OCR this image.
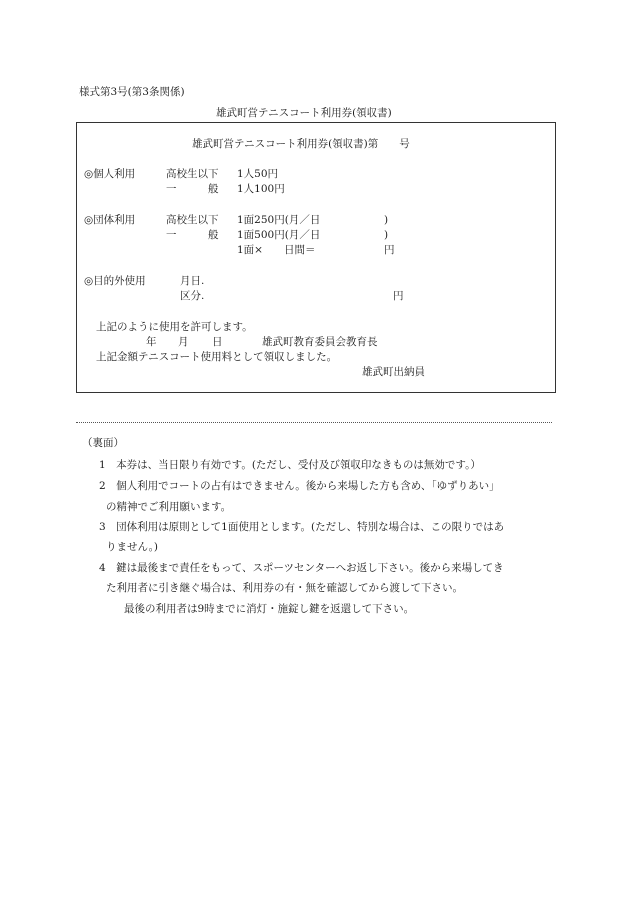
様式第3号(第3条関係)
雄武町営テニスコート利用券(領収書)
雄武町営テニスコート利用券(領収書)第　　号
◎個人利用	高校生以下 1人50円
一　　　般 1人100円
◎団体利用	高校生以下 1面250円(月／日	)
一　　　般 1面500円(月／日	)
1面×　　日間＝	円
◎目的外使用	月日.
区分.	円
上記のように使用を許可します。
年 月 日	雄武町教育委員会教育長
上記金額テニスコート使用料として領収しました。
雄武町出納員
（裏面）
1　本券は、当日限り有効です。(ただし、受付及び領収印なきものは無効です。）
2　個人利用でコートの占有はできません。後から来場した方も含め、「ゆずりあい」
の精神でご利用願います。
3　団体利用は原則として1面使用とします。(ただし、特別な場合は、この限りではあ
りません。)
4　鍵は最後まで責任をもって、スポーツセンターへお返し下さい。後から来場してき
た利用者に引き継ぐ場合は、利用券の有・無を確認してから渡して下さい。
最後の利用者は9時までに消灯・施錠し鍵を返還して下さい。
